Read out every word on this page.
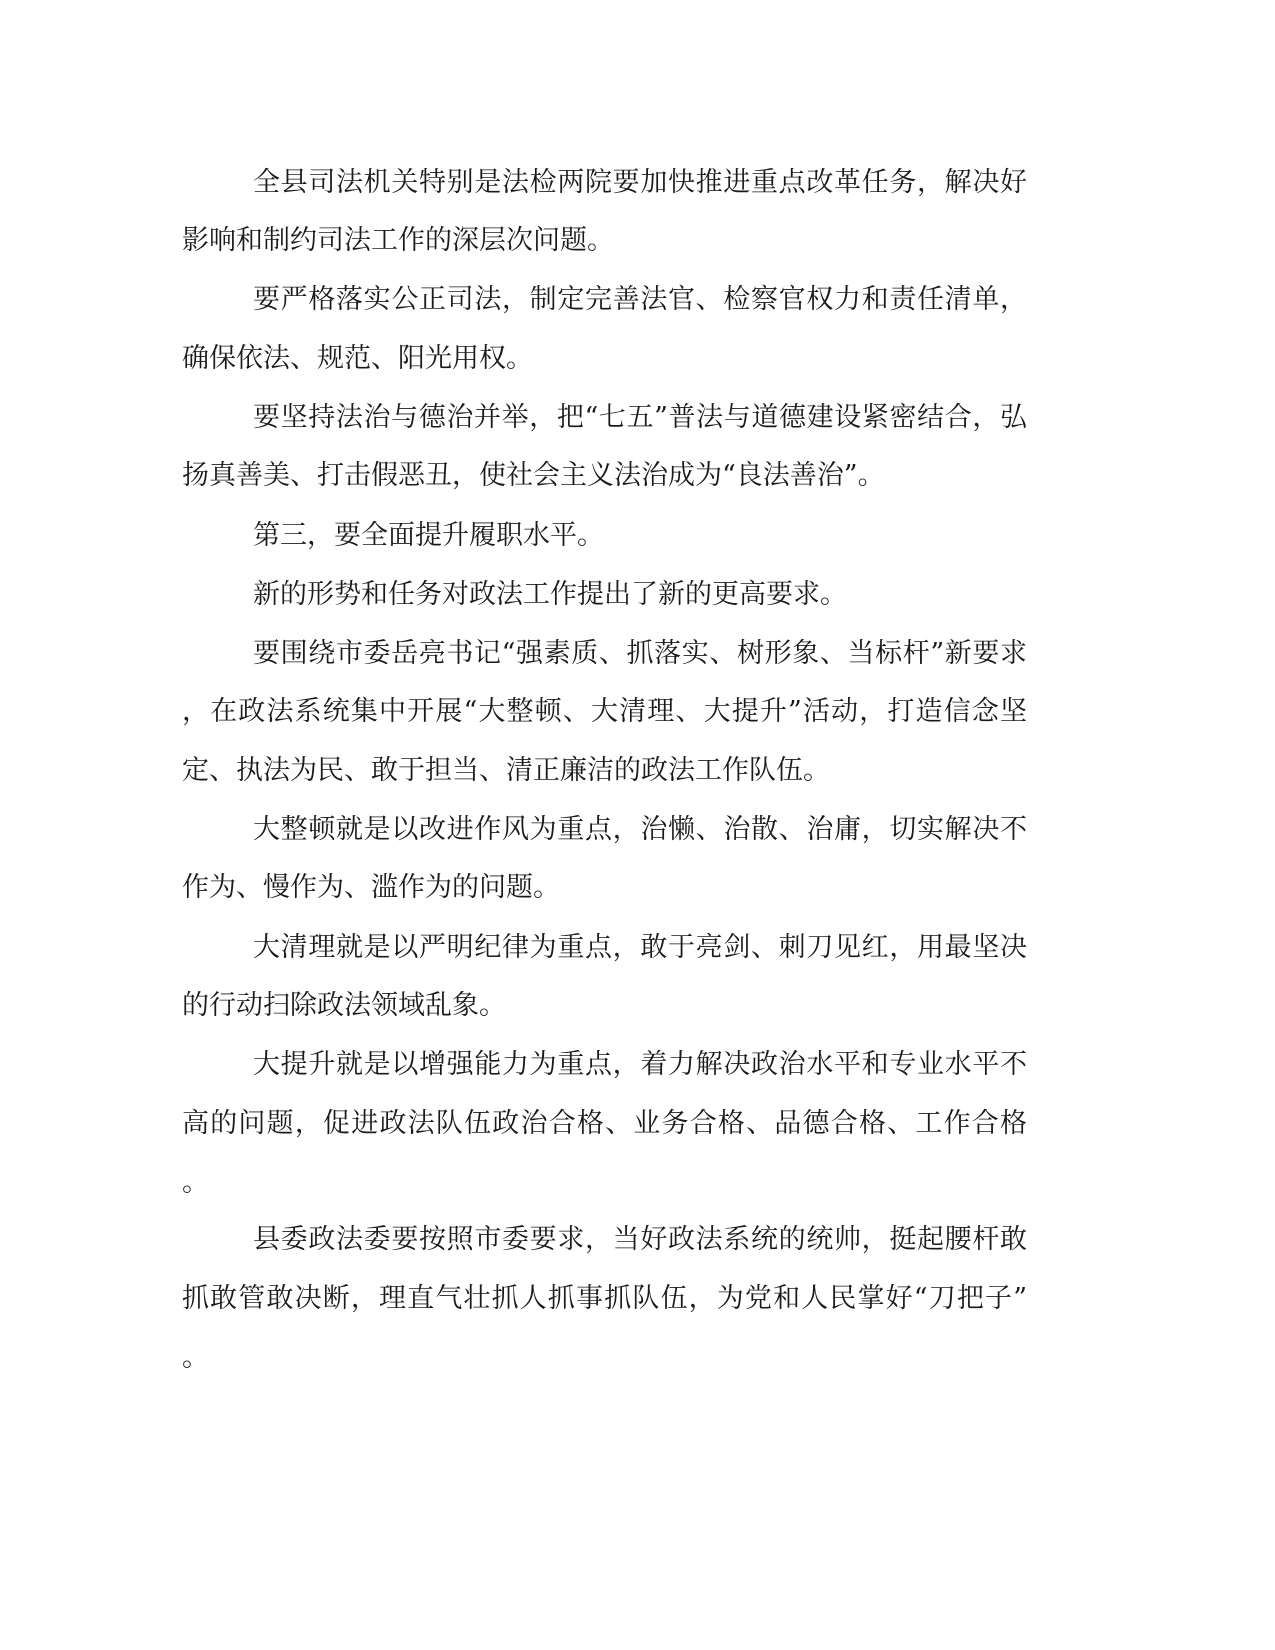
全县司法机关特别是法检两院要加快推进重点改革任务，解决好
影响和制约司法工作的深层次问题。
要严格落实公正司法，制定完善法官、检察官权力和责任清单，
确保依法、规范、阳光用权。
要坚持法治与德治并举，把“七五”普法与道德建设紧密结合，弘
扬真善美、打击假恶丑，使社会主义法治成为“良法善治”。
第三，要全面提升履职水平。
新的形势和任务对政法工作提出了新的更高要求。
要围绕市委岳亮书记“强素质、抓落实、树形象、当标杆”新要求
，在政法系统集中开展“大整顿、大清理、大提升”活动，打造信念坚
定、执法为民、敢于担当、清正廉洁的政法工作队伍。
大整顿就是以改进作风为重点，治懒、治散、治庸，切实解决不
作为、慢作为、滥作为的问题。
大清理就是以严明纪律为重点，敢于亮剑、刺刀见红，用最坚决
的行动扫除政法领域乱象。
大提升就是以增强能力为重点，着力解决政治水平和专业水平不
高的问题，促进政法队伍政治合格、业务合格、品德合格、工作合格
。
县委政法委要按照市委要求，当好政法系统的统帅，挺起腰杆敢
抓敢管敢决断，理直气壮抓人抓事抓队伍，为党和人民掌好“刀把子”
。
